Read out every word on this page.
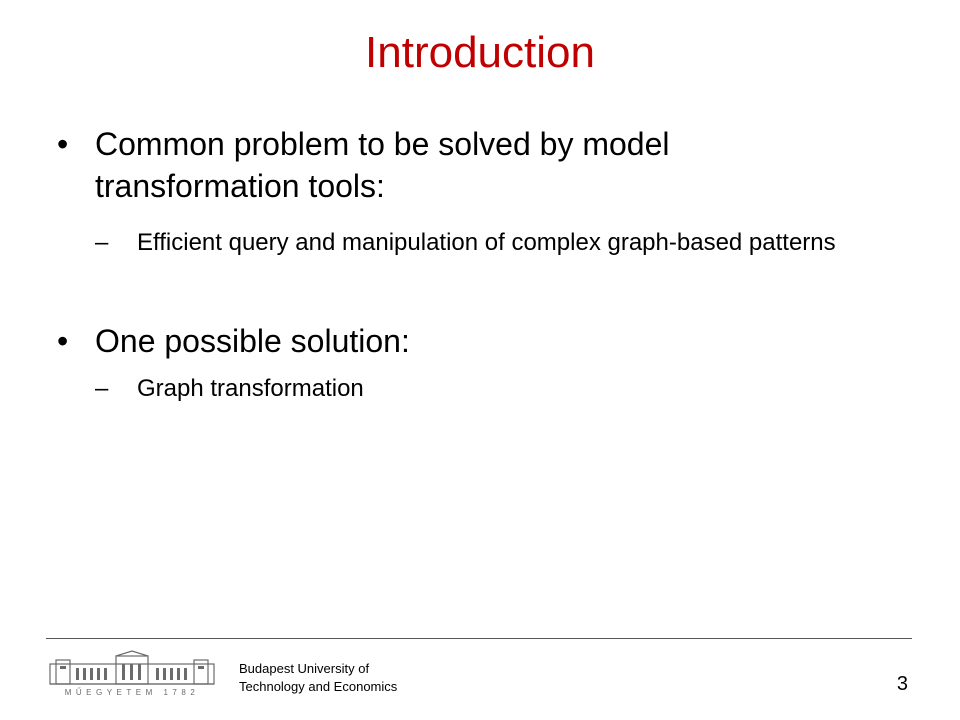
Introduction
• Common problem to be solved by model transformation tools:
–	Efficient query and manipulation of complex graph-based patterns
• One possible solution:
–	Graph transformation
MŰEGYETEM 1782
Budapest University of
Technology and Economics	3
